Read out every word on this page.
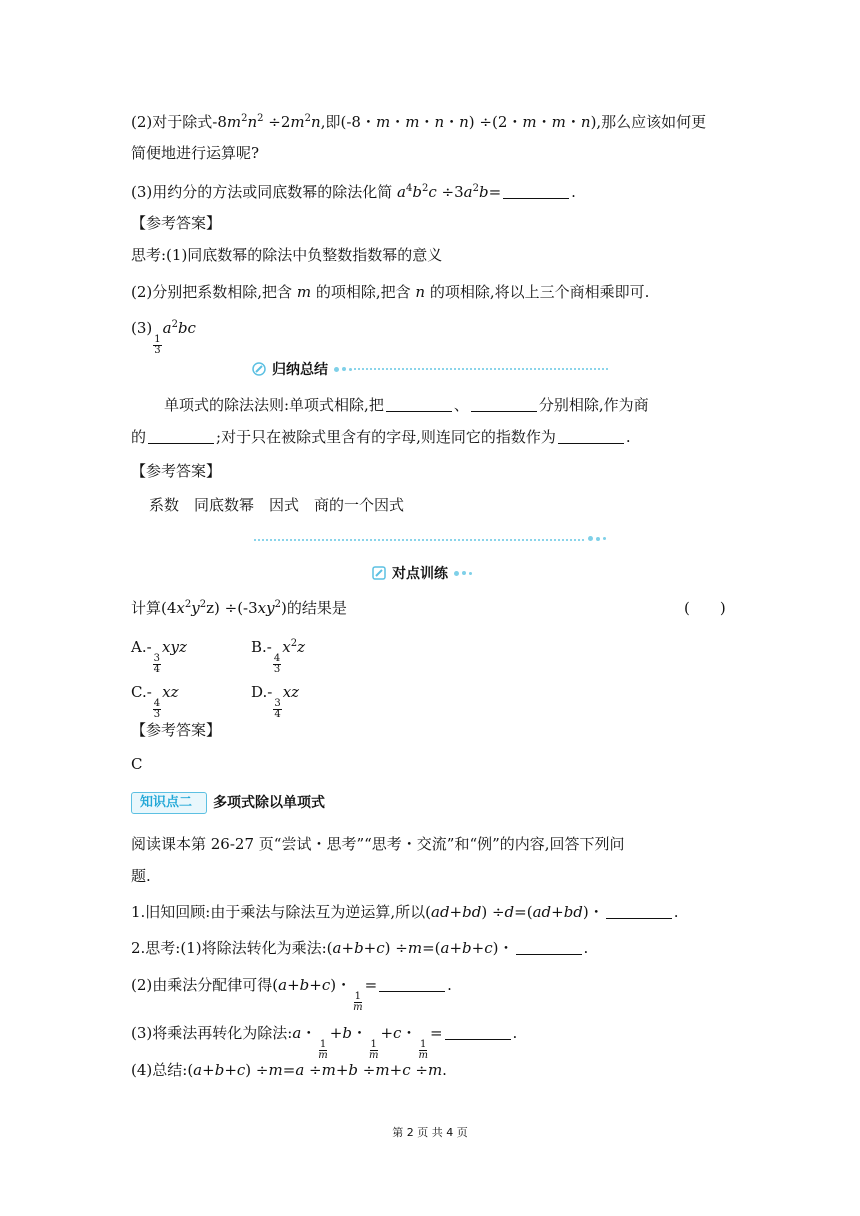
(2)对于除式$-8m^2n^2 \div 2m^2n$,即(-8・m・m・n・n) ÷(2・m・m・n),那么应该如何更
简便地进行运算呢?
(3)用约分的方法或同底数幂的除法化简 $a^4b^2c \div 3a^2b=$	.
【参考答案】
思考:(1)同底数幂的除法中负整数指数幂的意义
(2)分别把系数相除,把含 m 的项相除,把含 n 的项相除,将以上三个商相乘即可.
(3)
$\frac{1}{3}$
$a^2bc$
归纳总结
单项式的除法法则:单项式相除,把	、	分别相除,作为商
的	;对于只在被除式里含有的字母,则连同它的指数作为	.
【参考答案】
系数　同底数幂　因式　商的一个因式
对点训练
计算$(4x^2y^2z) \div(-3xy^2)$的结果是	(　　)
A.-
$\frac{3}{4}$
xyz	B.-
$\frac{4}{3}$
$x^2z$
C.-
$\frac{4}{3}$
xz	D.-
$\frac{3}{4}$
xz
【参考答案】
C
知识点二	多项式除以单项式
阅读课本第 26-27 页“尝试・思考”“思考・交流”和“例”的内容,回答下列问
题.
1.旧知回顾:由于乘法与除法互为逆运算,所以(ad+bd) ÷d=(ad+bd)・	.
2.思考:(1)将除法转化为乘法:(a+b+c) ÷m=(a+b+c)・	.
(2)由乘法分配律可得(a+b+c)・
$\frac{1}{m}$
=	.
(3)将乘法再转化为除法:a・
$\frac{1}{m}$
+b・
$\frac{1}{m}$
+c・
$\frac{1}{m}$
=	.
(4)总结:(a+b+c) ÷m=a ÷m+b ÷m+c ÷m.
第 2 页 共 4 页
